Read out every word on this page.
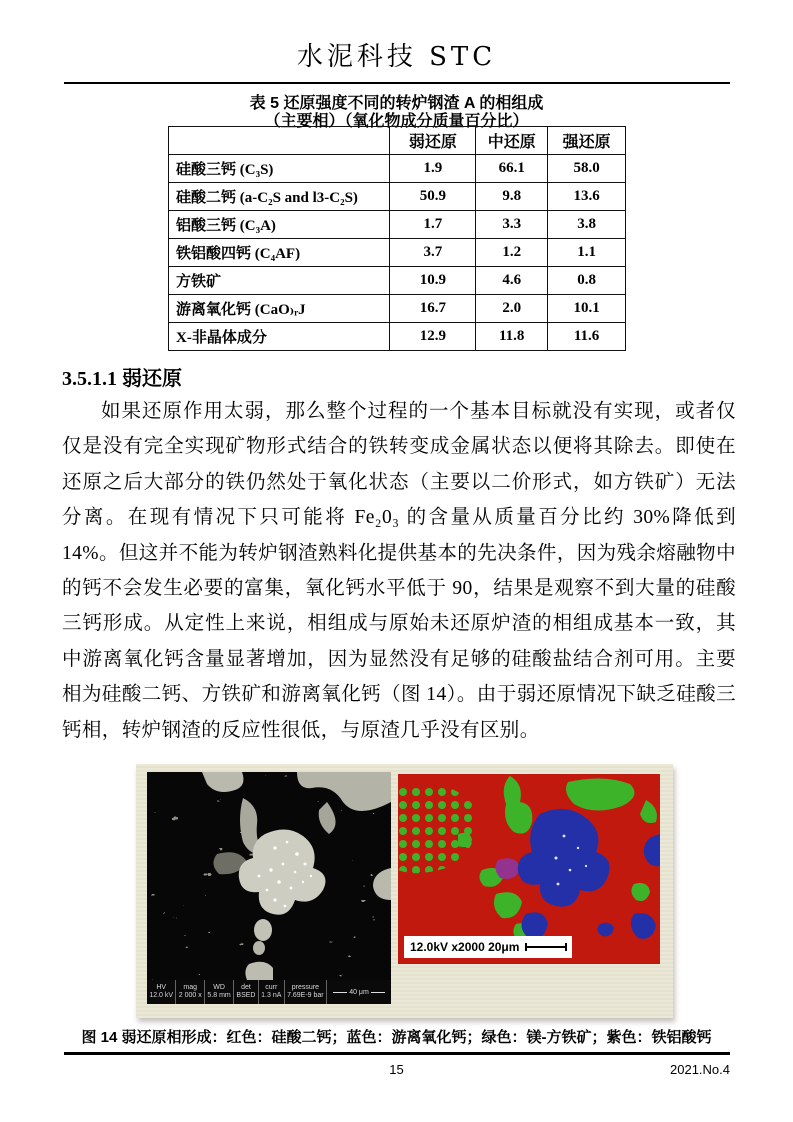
水泥科技 STC
表 5 还原强度不同的转炉钢渣 A 的相组成
（主要相）（氧化物成分质量百分比）
	弱还原	中还原	强还原
硅酸三钙 (C₃S)	1.9	66.1	58.0
硅酸二钙 (a-C₂S and l3-C₂S)	50.9	9.8	13.6
铝酸三钙 (C₃A)	1.7	3.3	3.8
铁铝酸四钙 (C₄AF)	3.7	1.2	1.1
方铁矿	10.9	4.6	0.8
游离氧化钙 (CaO₎ᵣJ	16.7	2.0	10.1
X-非晶体成分	12.9	11.8	11.6
3.5.1.1 弱还原
如果还原作用太弱，那么整个过程的一个基本目标就没有实现，或者仅仅是没有完全实现矿物形式结合的铁转变成金属状态以便将其除去。即使在还原之后大部分的铁仍然处于氧化状态（主要以二价形式，如方铁矿）无法分离。在现有情况下只可能将 Fe₂0₃ 的含量从质量百分比约 30%降低到 14%。但这并不能为转炉钢渣熟料化提供基本的先决条件，因为残余熔融物中的钙不会发生必要的富集，氧化钙水平低于 90，结果是观察不到大量的硅酸三钙形成。从定性上来说，相组成与原始未还原炉渣的相组成基本一致，其中游离氧化钙含量显著增加，因为显然没有足够的硅酸盐结合剂可用。主要相为硅酸二钙、方铁矿和游离氧化钙（图 14）。由于弱还原情况下缺乏硅酸三钙相，转炉钢渣的反应性很低，与原渣几乎没有区别。
HV
12.0 kV
mag
2 000 x
WD
5.8 mm
det
BSED
curr
1.3 nA
pressure
7.69E-9 bar	40 μm
12.0kV x2000 20μm
图 14 弱还原相形成：红色：硅酸二钙；蓝色：游离氧化钙；绿色：镁-方铁矿；紫色：铁铝酸钙
15	2021.No.4
